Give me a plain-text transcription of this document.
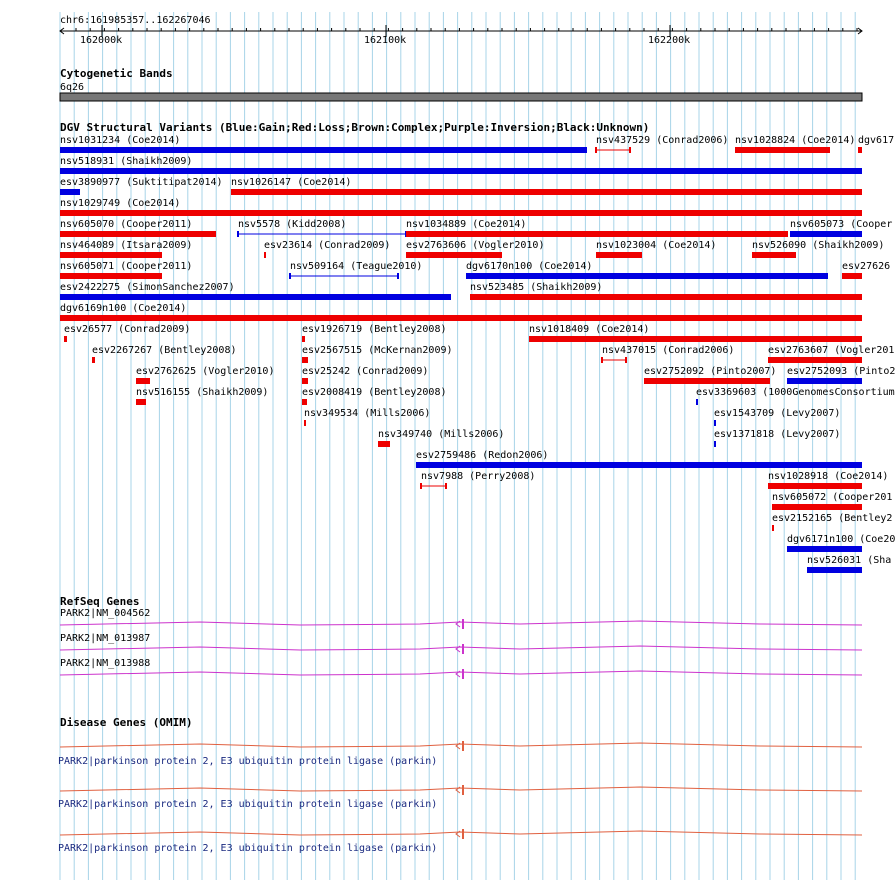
chr6:161985357..162267046
162000k	162100k	162200k
Cytogenetic Bands
6q26
DGV Structural Variants (Blue:Gain;Red:Loss;Brown:Complex;Purple:Inversion;Black:Unknown)
nsv1031234 (Coe2014)	nsv437529 (Conrad2006) nsv1028824 (Coe2014) dgv617
nsv518931 (Shaikh2009)
esv3890977 (Suktitipat2014) nsv1026147 (Coe2014)
nsv1029749 (Coe2014)
nsv605070 (Cooper2011)	nsv5578 (Kidd2008)	nsv1034889 (Coe2014)	nsv605073 (Cooper
nsv464089 (Itsara2009)	esv23614 (Conrad2009) esv2763606 (Vogler2010)	nsv1023004 (Coe2014)	nsv526090 (Shaikh2009)
nsv605071 (Cooper2011)	nsv509164 (Teague2010)	dgv6170n100 (Coe2014)	esv27626
esv2422275 (SimonSanchez2007)	nsv523485 (Shaikh2009)
dgv6169n100 (Coe2014)
esv26577 (Conrad2009)	esv1926719 (Bentley2008)	nsv1018409 (Coe2014)
esv2267267 (Bentley2008)	esv2567515 (McKernan2009)	nsv437015 (Conrad2006)	esv2763607 (Vogler201
esv2762625 (Vogler2010)	esv25242 (Conrad2009)	esv2752092 (Pinto2007) esv2752093 (Pinto2
nsv516155 (Shaikh2009)	esv2008419 (Bentley2008)	esv3369603 (1000GenomesConsortium
nsv349534 (Mills2006)	esv1543709 (Levy2007)
nsv349740 (Mills2006)	esv1371818 (Levy2007)
esv2759486 (Redon2006)
nsv7988 (Perry2008)	nsv1028918 (Coe2014)
nsv605072 (Cooper201
esv2152165 (Bentley2
dgv6171n100 (Coe20
nsv526031 (Sha
RefSeq Genes
PARK2|NM_004562
PARK2|NM_013987
PARK2|NM_013988
Disease Genes (OMIM)
PARK2|parkinson protein 2, E3 ubiquitin protein ligase (parkin)
PARK2|parkinson protein 2, E3 ubiquitin protein ligase (parkin)
PARK2|parkinson protein 2, E3 ubiquitin protein ligase (parkin)
